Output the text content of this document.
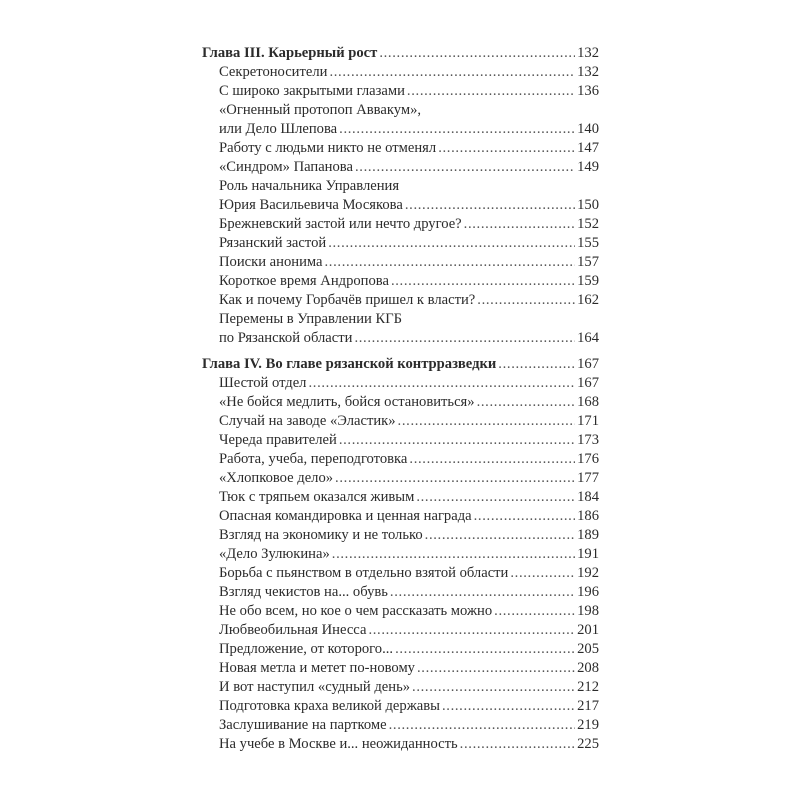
Глава III. Карьерный рост . . .	132
Секретоносители . . .	132
С широко закрытыми глазами . . .	136
«Огненный протопоп Аввакум»,
или Дело Шлепова . . .	140
Работу с людьми никто не отменял . . .	147
«Синдром» Папанова . . .	149
Роль начальника Управления
Юрия Васильевича Мосякова . . .	150
Брежневский застой или нечто другое? . . .	152
Рязанский застой . . .	155
Поиски анонима . . .	157
Короткое время Андропова . . .	159
Как и почему Горбачёв пришел к власти? . . .	162
Перемены в Управлении КГБ
по Рязанской области . . .	164
Глава IV. Во главе рязанской контрразведки . . .	167
Шестой отдел . . .	167
«Не бойся медлить, бойся остановиться» . . .	168
Случай на заводе «Эластик» . . .	171
Череда правителей . . .	173
Работа, учеба, переподготовка . . .	176
«Хлопковое дело» . . .	177
Тюк с тряпьем оказался живым . . .	184
Опасная командировка и ценная награда . . .	186
Взгляд на экономику и не только . . .	189
«Дело Зулюкина» . . .	191
Борьба с пьянством в отдельно взятой области . . .	192
Взгляд чекистов на... обувь . . .	196
Не обо всем, но кое о чем рассказать можно . . .	198
Любвеобильная Инесса . . .	201
Предложение, от которого... . . .	205
Новая метла и метет по-новому . . .	208
И вот наступил «судный день» . . .	212
Подготовка краха великой державы . . .	217
Заслушивание на парткоме . . .	219
На учебе в Москве и... неожиданность . . .	225
